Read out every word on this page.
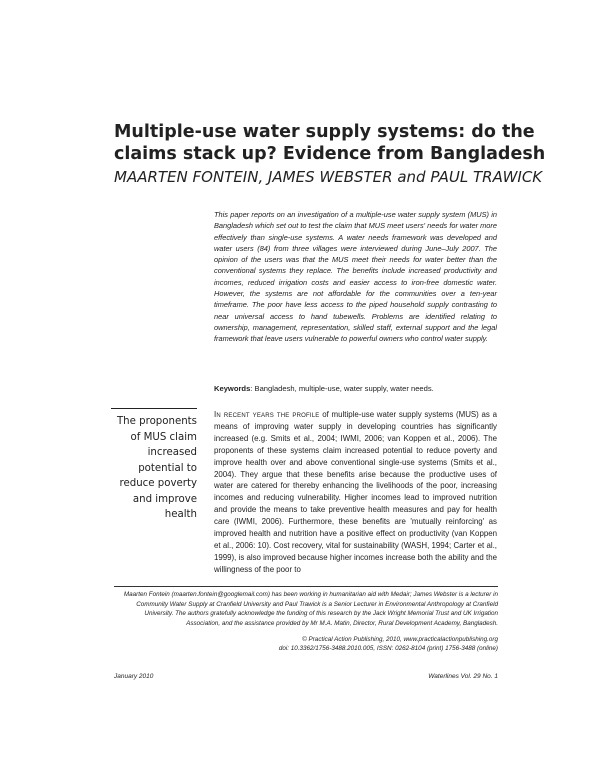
Multiple-use water supply systems: do the claims stack up? Evidence from Bangladesh
MAARTEN FONTEIN, JAMES WEBSTER and PAUL TRAWICK
This paper reports on an investigation of a multiple-use water supply system (MUS) in Bangladesh which set out to test the claim that MUS meet users' needs for water more effectively than single-use systems. A water needs framework was developed and water users (84) from three villages were interviewed during June–July 2007. The opinion of the users was that the MUS meet their needs for water better than the conventional systems they replace. The benefits include increased productivity and incomes, reduced irrigation costs and easier access to iron-free domestic water. However, the systems are not affordable for the communities over a ten-year timeframe. The poor have less access to the piped household supply contrasting to near universal access to hand tubewells. Problems are identified relating to ownership, management, representation, skilled staff, external support and the legal framework that leave users vulnerable to powerful owners who control water supply.
Keywords: Bangladesh, multiple-use, water supply, water needs.
The proponents of MUS claim increased potential to reduce poverty and improve health
In recent years the profile of multiple-use water supply systems (MUS) as a means of improving water supply in developing countries has significantly increased (e.g. Smits et al., 2004; IWMI, 2006; van Koppen et al., 2006). The proponents of these systems claim increased potential to reduce poverty and improve health over and above conventional single-use systems (Smits et al., 2004). They argue that these benefits arise because the productive uses of water are catered for thereby enhancing the livelihoods of the poor, increasing incomes and reducing vulnerability. Higher incomes lead to improved nutrition and provide the means to take preventive health measures and pay for health care (IWMI, 2006). Furthermore, these benefits are 'mutually reinforcing' as improved health and nutrition have a positive effect on productivity (van Koppen et al., 2006: 10). Cost recovery, vital for sustainability (WASH, 1994; Carter et al., 1999), is also improved because higher incomes increase both the ability and the willingness of the poor to
Maarten Fontein (maarten.fontein@googlemail.com) has been working in humanitarian aid with Medair; James Webster is a lecturer in Community Water Supply at Cranfield University and Paul Trawick is a Senior Lecturer in Environmental Anthropology at Cranfield University. The authors gratefully acknowledge the funding of this research by the Jack Wright Memorial Trust and UK Irrigation Association, and the assistance provided by Mr M.A. Matin, Director, Rural Development Academy, Bangladesh.
© Practical Action Publishing, 2010, www.practicalactionpublishing.org
doi: 10.3362/1756-3488.2010.005, ISSN: 0262-8104 (print) 1756-3488 (online)
January 2010	Waterlines Vol. 29 No. 1
